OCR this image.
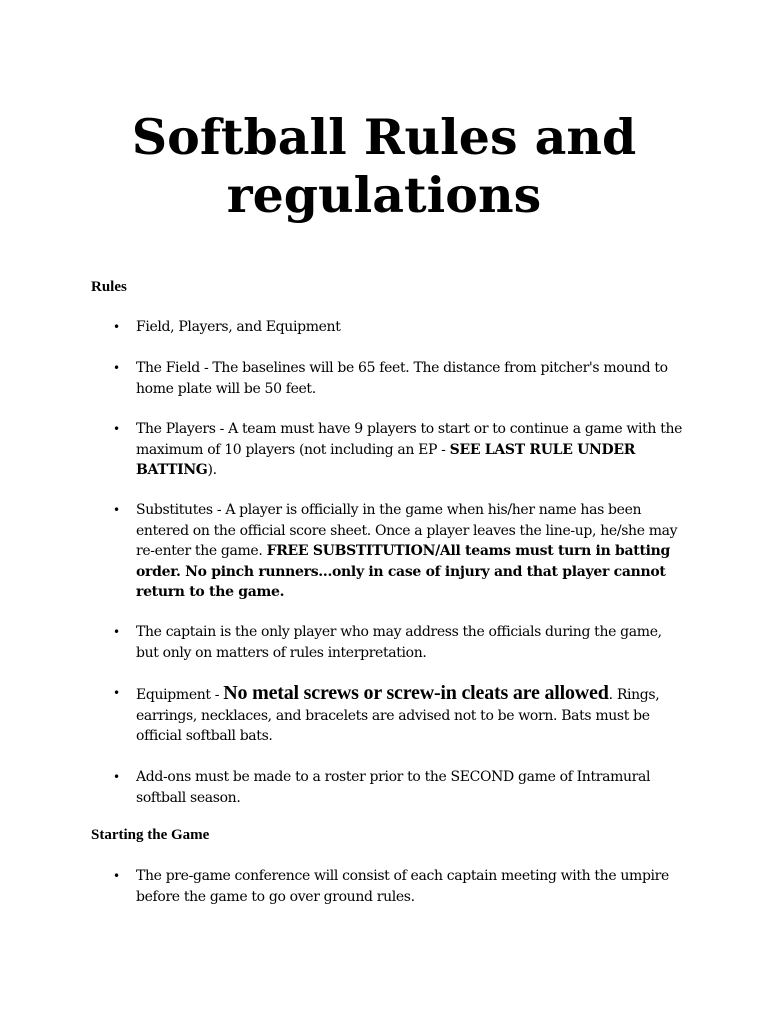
Softball Rules and
regulations
Rules
• Field, Players, and Equipment
• The Field - The baselines will be 65 feet. The distance from pitcher's mound to home plate will be 50 feet.
• The Players - A team must have 9 players to start or to continue a game with the maximum of 10 players (not including an EP - SEE LAST RULE UNDER BATTING).
• Substitutes - A player is officially in the game when his/her name has been entered on the official score sheet. Once a player leaves the line-up, he/she may re-enter the game. FREE SUBSTITUTION/All teams must turn in batting order. No pinch runners...only in case of injury and that player cannot return to the game.
• The captain is the only player who may address the officials during the game, but only on matters of rules interpretation.
• Equipment - No metal screws or screw-in cleats are allowed. Rings, earrings, necklaces, and bracelets are advised not to be worn. Bats must be official softball bats.
• Add-ons must be made to a roster prior to the SECOND game of Intramural softball season.
Starting the Game
• The pre-game conference will consist of each captain meeting with the umpire before the game to go over ground rules.
